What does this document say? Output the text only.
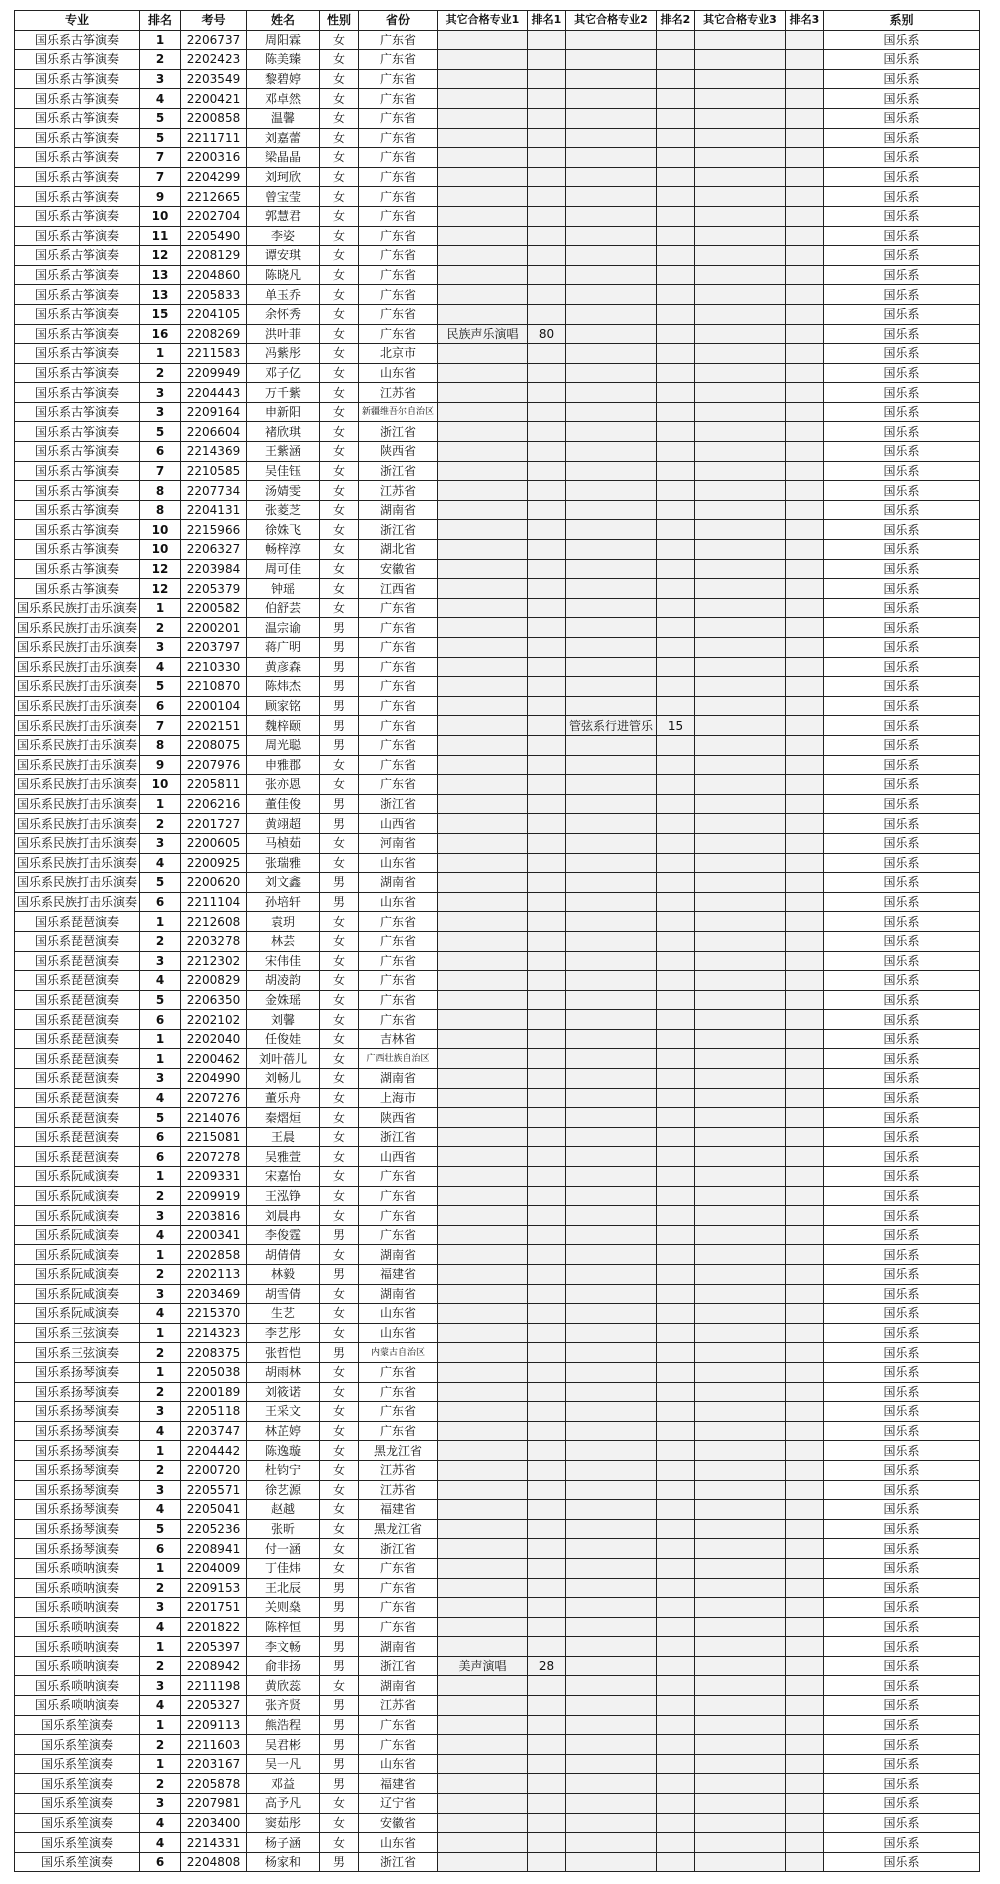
专业	排名	考号	姓名	性别	省份	其它合格专业1	排名1	其它合格专业2	排名2	其它合格专业3	排名3	系别
国乐系古筝演奏	1	2206737	周阳霖	女	广东省							国乐系
国乐系古筝演奏	2	2202423	陈美臻	女	广东省							国乐系
国乐系古筝演奏	3	2203549	黎碧婷	女	广东省							国乐系
国乐系古筝演奏	4	2200421	邓卓然	女	广东省							国乐系
国乐系古筝演奏	5	2200858	温馨	女	广东省							国乐系
国乐系古筝演奏	5	2211711	刘嘉蕾	女	广东省							国乐系
国乐系古筝演奏	7	2200316	梁晶晶	女	广东省							国乐系
国乐系古筝演奏	7	2204299	刘珂欣	女	广东省							国乐系
国乐系古筝演奏	9	2212665	曾宝莹	女	广东省							国乐系
国乐系古筝演奏	10	2202704	郭慧君	女	广东省							国乐系
国乐系古筝演奏	11	2205490	李姿	女	广东省							国乐系
国乐系古筝演奏	12	2208129	谭安琪	女	广东省							国乐系
国乐系古筝演奏	13	2204860	陈晓凡	女	广东省							国乐系
国乐系古筝演奏	13	2205833	单玉乔	女	广东省							国乐系
国乐系古筝演奏	15	2204105	余怀秀	女	广东省							国乐系
国乐系古筝演奏	16	2208269	洪叶菲	女	广东省	民族声乐演唱	80					国乐系
国乐系古筝演奏	1	2211583	冯紫彤	女	北京市							国乐系
国乐系古筝演奏	2	2209949	邓子亿	女	山东省							国乐系
国乐系古筝演奏	3	2204443	万千紫	女	江苏省							国乐系
国乐系古筝演奏	3	2209164	申新阳	女	新疆维吾尔自治区							国乐系
国乐系古筝演奏	5	2206604	褚欣琪	女	浙江省							国乐系
国乐系古筝演奏	6	2214369	王紫涵	女	陕西省							国乐系
国乐系古筝演奏	7	2210585	吴佳钰	女	浙江省							国乐系
国乐系古筝演奏	8	2207734	汤婧雯	女	江苏省							国乐系
国乐系古筝演奏	8	2204131	张菱芝	女	湖南省							国乐系
国乐系古筝演奏	10	2215966	徐姝飞	女	浙江省							国乐系
国乐系古筝演奏	10	2206327	畅梓淳	女	湖北省							国乐系
国乐系古筝演奏	12	2203984	周可佳	女	安徽省							国乐系
国乐系古筝演奏	12	2205379	钟瑶	女	江西省							国乐系
国乐系民族打击乐演奏	1	2200582	伯舒芸	女	广东省							国乐系
国乐系民族打击乐演奏	2	2200201	温宗谕	男	广东省							国乐系
国乐系民族打击乐演奏	3	2203797	蒋广明	男	广东省							国乐系
国乐系民族打击乐演奏	4	2210330	黄彦森	男	广东省							国乐系
国乐系民族打击乐演奏	5	2210870	陈炜杰	男	广东省							国乐系
国乐系民族打击乐演奏	6	2200104	顾家铭	男	广东省							国乐系
国乐系民族打击乐演奏	7	2202151	魏梓颐	男	广东省			管弦系行进管乐	15			国乐系
国乐系民族打击乐演奏	8	2208075	周光聪	男	广东省							国乐系
国乐系民族打击乐演奏	9	2207976	申雅郡	女	广东省							国乐系
国乐系民族打击乐演奏	10	2205811	张亦恩	女	广东省							国乐系
国乐系民族打击乐演奏	1	2206216	董佳俊	男	浙江省							国乐系
国乐系民族打击乐演奏	2	2201727	黄翊超	男	山西省							国乐系
国乐系民族打击乐演奏	3	2200605	马楨茹	女	河南省							国乐系
国乐系民族打击乐演奏	4	2200925	张瑞雅	女	山东省							国乐系
国乐系民族打击乐演奏	5	2200620	刘文鑫	男	湖南省							国乐系
国乐系民族打击乐演奏	6	2211104	孙培轩	男	山东省							国乐系
国乐系琵琶演奏	1	2212608	袁玥	女	广东省							国乐系
国乐系琵琶演奏	2	2203278	林芸	女	广东省							国乐系
国乐系琵琶演奏	3	2212302	宋伟佳	女	广东省							国乐系
国乐系琵琶演奏	4	2200829	胡凌韵	女	广东省							国乐系
国乐系琵琶演奏	5	2206350	金姝瑶	女	广东省							国乐系
国乐系琵琶演奏	6	2202102	刘馨	女	广东省							国乐系
国乐系琵琶演奏	1	2202040	任俊娃	女	吉林省							国乐系
国乐系琵琶演奏	1	2200462	刘叶蓓儿	女	广西壮族自治区							国乐系
国乐系琵琶演奏	3	2204990	刘畅儿	女	湖南省							国乐系
国乐系琵琶演奏	4	2207276	董乐舟	女	上海市							国乐系
国乐系琵琶演奏	5	2214076	秦熠烜	女	陕西省							国乐系
国乐系琵琶演奏	6	2215081	王晨	女	浙江省							国乐系
国乐系琵琶演奏	6	2207278	吴雅萱	女	山西省							国乐系
国乐系阮咸演奏	1	2209331	宋嘉怡	女	广东省							国乐系
国乐系阮咸演奏	2	2209919	王泓铮	女	广东省							国乐系
国乐系阮咸演奏	3	2203816	刘晨冉	女	广东省							国乐系
国乐系阮咸演奏	4	2200341	李俊霆	男	广东省							国乐系
国乐系阮咸演奏	1	2202858	胡倩倩	女	湖南省							国乐系
国乐系阮咸演奏	2	2202113	林毅	男	福建省							国乐系
国乐系阮咸演奏	3	2203469	胡雪倩	女	湖南省							国乐系
国乐系阮咸演奏	4	2215370	生艺	女	山东省							国乐系
国乐系三弦演奏	1	2214323	李艺彤	女	山东省							国乐系
国乐系三弦演奏	2	2208375	张哲恺	男	内蒙古自治区							国乐系
国乐系扬琴演奏	1	2205038	胡雨林	女	广东省							国乐系
国乐系扬琴演奏	2	2200189	刘筱诺	女	广东省							国乐系
国乐系扬琴演奏	3	2205118	王采文	女	广东省							国乐系
国乐系扬琴演奏	4	2203747	林芷婷	女	广东省							国乐系
国乐系扬琴演奏	1	2204442	陈逸璇	女	黑龙江省							国乐系
国乐系扬琴演奏	2	2200720	杜钧宁	女	江苏省							国乐系
国乐系扬琴演奏	3	2205571	徐艺源	女	江苏省							国乐系
国乐系扬琴演奏	4	2205041	赵越	女	福建省							国乐系
国乐系扬琴演奏	5	2205236	张昕	女	黑龙江省							国乐系
国乐系扬琴演奏	6	2208941	付一涵	女	浙江省							国乐系
国乐系唢呐演奏	1	2204009	丁佳炜	女	广东省							国乐系
国乐系唢呐演奏	2	2209153	王北辰	男	广东省							国乐系
国乐系唢呐演奏	3	2201751	关则燊	男	广东省							国乐系
国乐系唢呐演奏	4	2201822	陈梓恒	男	广东省							国乐系
国乐系唢呐演奏	1	2205397	李文畅	男	湖南省							国乐系
国乐系唢呐演奏	2	2208942	俞非扬	男	浙江省	美声演唱	28					国乐系
国乐系唢呐演奏	3	2211198	黄欣蕊	女	湖南省							国乐系
国乐系唢呐演奏	4	2205327	张齐贤	男	江苏省							国乐系
国乐系笙演奏	1	2209113	熊浩程	男	广东省							国乐系
国乐系笙演奏	2	2211603	吴君彬	男	广东省							国乐系
国乐系笙演奏	1	2203167	吴一凡	男	山东省							国乐系
国乐系笙演奏	2	2205878	邓益	男	福建省							国乐系
国乐系笙演奏	3	2207981	高予凡	女	辽宁省							国乐系
国乐系笙演奏	4	2203400	窦茹彤	女	安徽省							国乐系
国乐系笙演奏	4	2214331	杨子涵	女	山东省							国乐系
国乐系笙演奏	6	2204808	杨家和	男	浙江省							国乐系
